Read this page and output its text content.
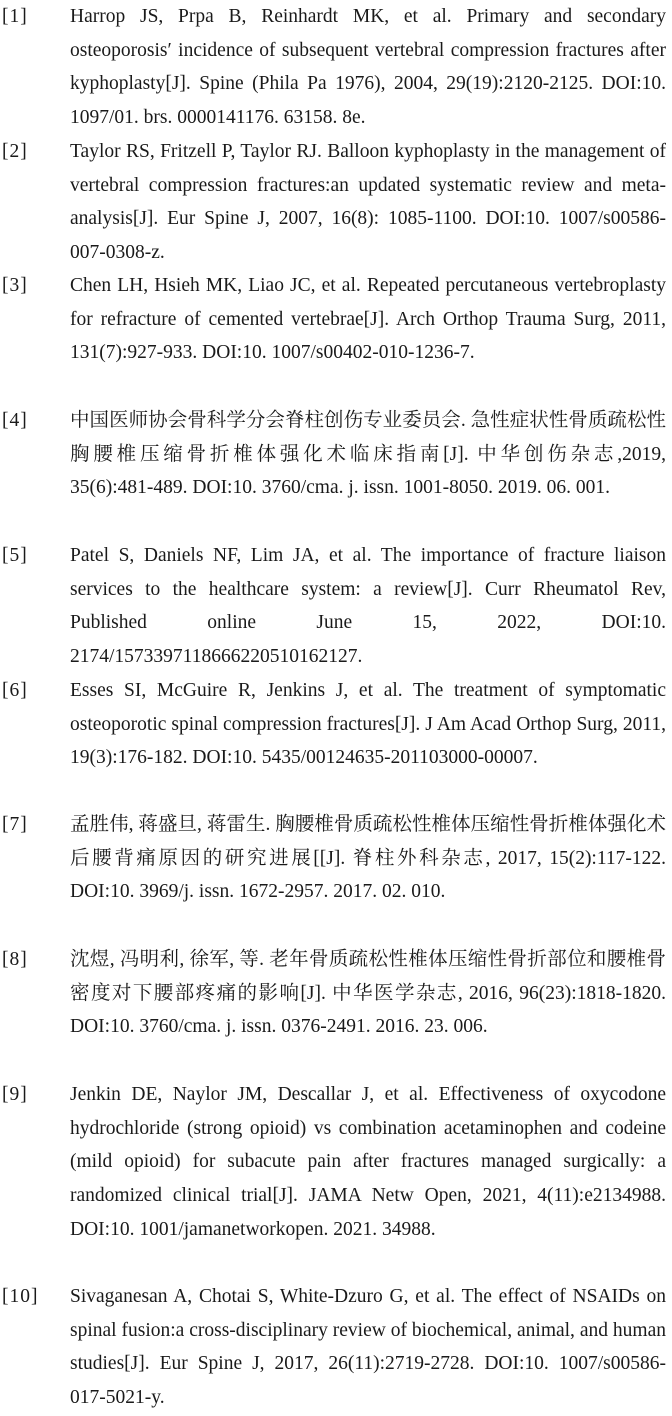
[1] Harrop JS, Prpa B, Reinhardt MK, et al. Primary and secondary osteoporosis′ incidence of subsequent vertebral compression fractures after kyphoplasty[J]. Spine (Phila Pa 1976), 2004, 29(19):2120-2125. DOI:10. 1097/01. brs. 0000141176. 63158. 8e.
[2] Taylor RS, Fritzell P, Taylor RJ. Balloon kyphoplasty in the management of vertebral compression fractures:an updated systematic review and meta-analysis[J]. Eur Spine J, 2007, 16(8): 1085-1100. DOI:10. 1007/s00586-007-0308-z.
[3] Chen LH, Hsieh MK, Liao JC, et al. Repeated percutaneous vertebroplasty for refracture of cemented vertebrae[J]. Arch Orthop Trauma Surg, 2011, 131(7):927-933. DOI:10. 1007/s00402-010-1236-7.
[4] 中国医师协会骨科学分会脊柱创伤专业委员会. 急性症状性骨质疏松性胸腰椎压缩骨折椎体强化术临床指南[J]. 中华创伤杂志,2019, 35(6):481-489. DOI:10. 3760/cma. j. issn. 1001-8050. 2019. 06. 001.
[5] Patel S, Daniels NF, Lim JA, et al. The importance of fracture liaison services to the healthcare system: a review[J]. Curr Rheumatol Rev, Published online June 15, 2022, DOI:10. 2174/1573397118666220510162127.
[6] Esses SI, McGuire R, Jenkins J, et al. The treatment of symptomatic osteoporotic spinal compression fractures[J]. J Am Acad Orthop Surg, 2011, 19(3):176-182. DOI:10. 5435/00124635-201103000-00007.
[7] 孟胜伟, 蒋盛旦, 蒋雷生. 胸腰椎骨质疏松性椎体压缩性骨折椎体强化术后腰背痛原因的研究进展[[J]. 脊柱外科杂志, 2017, 15(2):117-122. DOI:10. 3969/j. issn. 1672-2957. 2017. 02. 010.
[8] 沈煜, 冯明利, 徐军, 等. 老年骨质疏松性椎体压缩性骨折部位和腰椎骨密度对下腰部疼痛的影响[J]. 中华医学杂志, 2016, 96(23):1818-1820. DOI:10. 3760/cma. j. issn. 0376-2491. 2016. 23. 006.
[9] Jenkin DE, Naylor JM, Descallar J, et al. Effectiveness of oxycodone hydrochloride (strong opioid) vs combination acetaminophen and codeine (mild opioid) for subacute pain after fractures managed surgically: a randomized clinical trial[J]. JAMA Netw Open, 2021, 4(11):e2134988. DOI:10. 1001/jamanetworkopen. 2021. 34988.
[10] Sivaganesan A, Chotai S, White-Dzuro G, et al. The effect of NSAIDs on spinal fusion:a cross-disciplinary review of biochemical, animal, and human studies[J]. Eur Spine J, 2017, 26(11):2719-2728. DOI:10. 1007/s00586-017-5021-y.
